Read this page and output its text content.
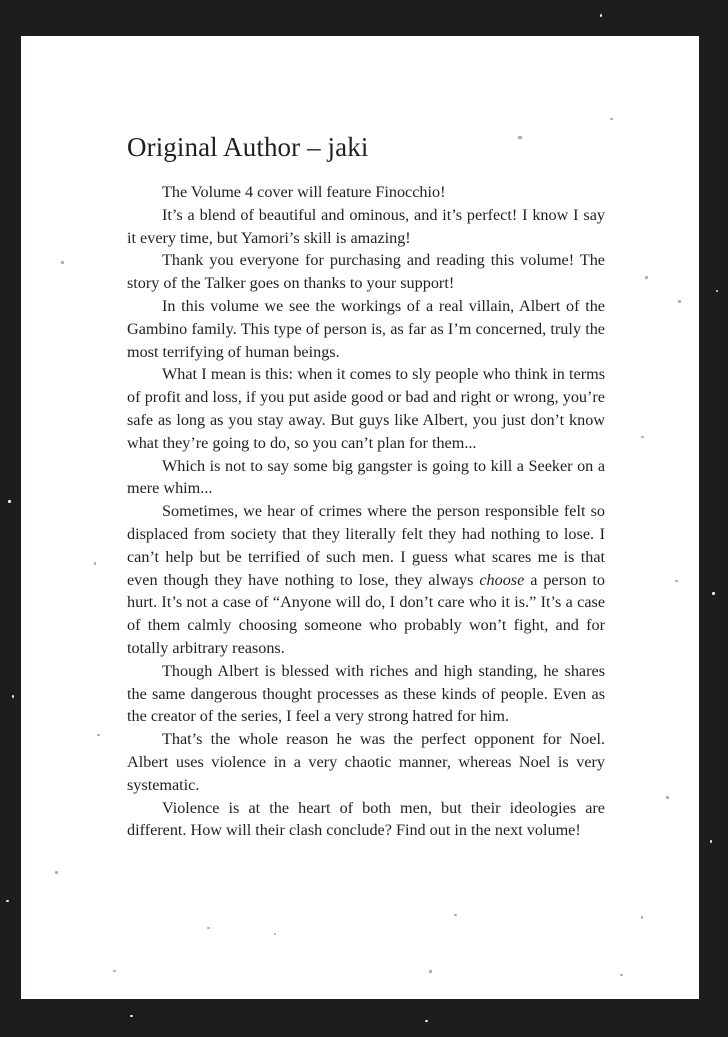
Original Author – jaki

The Volume 4 cover will feature Finocchio!

It’s a blend of beautiful and ominous, and it’s perfect! I know I say it every time, but Yamori’s skill is amazing!

Thank you everyone for purchasing and reading this volume! The story of the Talker goes on thanks to your support!

In this volume we see the workings of a real villain, Albert of the Gambino family. This type of person is, as far as I’m concerned, truly the most terrifying of human beings.

What I mean is this: when it comes to sly people who think in terms of profit and loss, if you put aside good or bad and right or wrong, you’re safe as long as you stay away. But guys like Albert, you just don’t know what they’re going to do, so you can’t plan for them...

Which is not to say some big gangster is going to kill a Seeker on a mere whim...

Sometimes, we hear of crimes where the person responsible felt so displaced from society that they literally felt they had nothing to lose. I can’t help but be terrified of such men. I guess what scares me is that even though they have nothing to lose, they always choose a person to hurt. It’s not a case of “Anyone will do, I don’t care who it is.” It’s a case of them calmly choosing someone who probably won’t fight, and for totally arbitrary reasons.

Though Albert is blessed with riches and high standing, he shares the same dangerous thought processes as these kinds of people. Even as the creator of the series, I feel a very strong hatred for him.

That’s the whole reason he was the perfect opponent for Noel. Albert uses violence in a very chaotic manner, whereas Noel is very systematic.

Violence is at the heart of both men, but their ideologies are different. How will their clash conclude? Find out in the next volume!
